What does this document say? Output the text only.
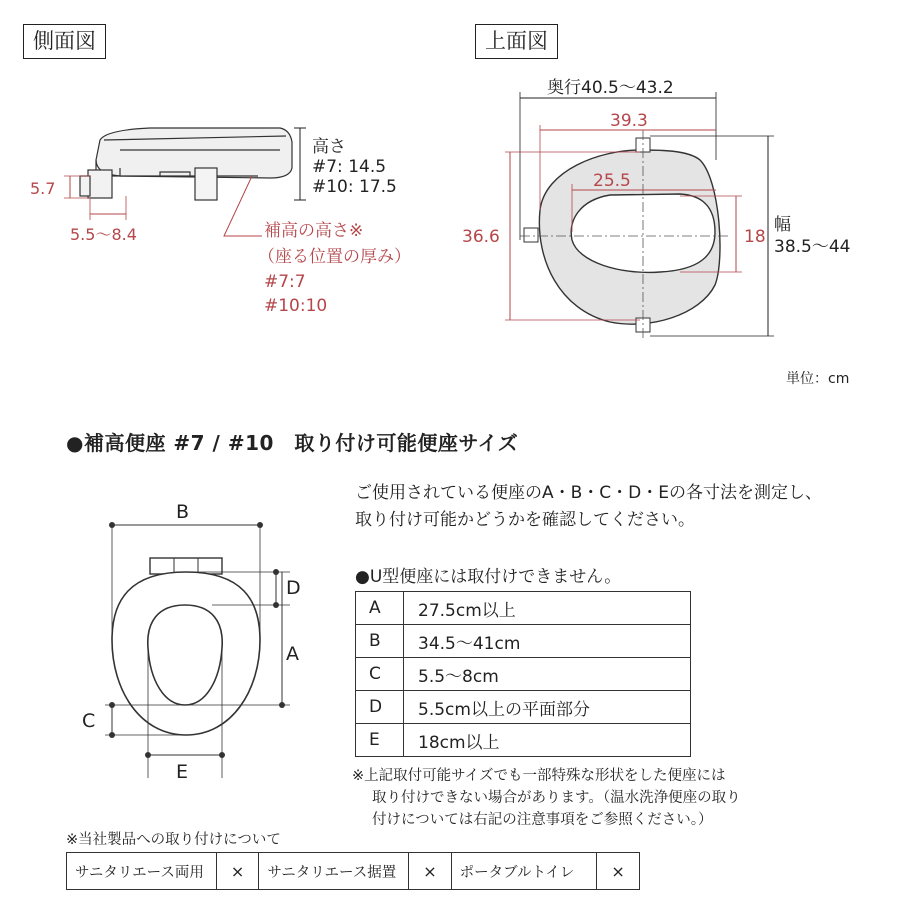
側面図	上面図
5.7
5.5〜8.4
高さ
#7: 14.5
#10: 17.5
補高の高さ※
（座る位置の厚み）
#7:7
#10:10
奥行40.5〜43.2
39.3
25.5
36.6	18
幅
38.5〜44
B
D
A
C
E
単位：cm
●補高便座 #7 / #10　取り付け可能便座サイズ
ご使用されている便座のA・B・C・D・Eの各寸法を測定し、取り付け可能かどうかを確認してください。
●U型便座には取付けできません。
A	27.5cm以上
B	34.5〜41cm
C	5.5〜8cm
D	5.5cm以上の平面部分
E	18cm以上
※上記取付可能サイズでも一部特殊な形状をした便座には
取り付けできない場合があります。（温水洗浄便座の取り
付けについては右記の注意事項をご参照ください。）
※当社製品への取り付けについて
サニタリエース両用	×	サニタリエース据置	×	ポータブルトイレ	×
